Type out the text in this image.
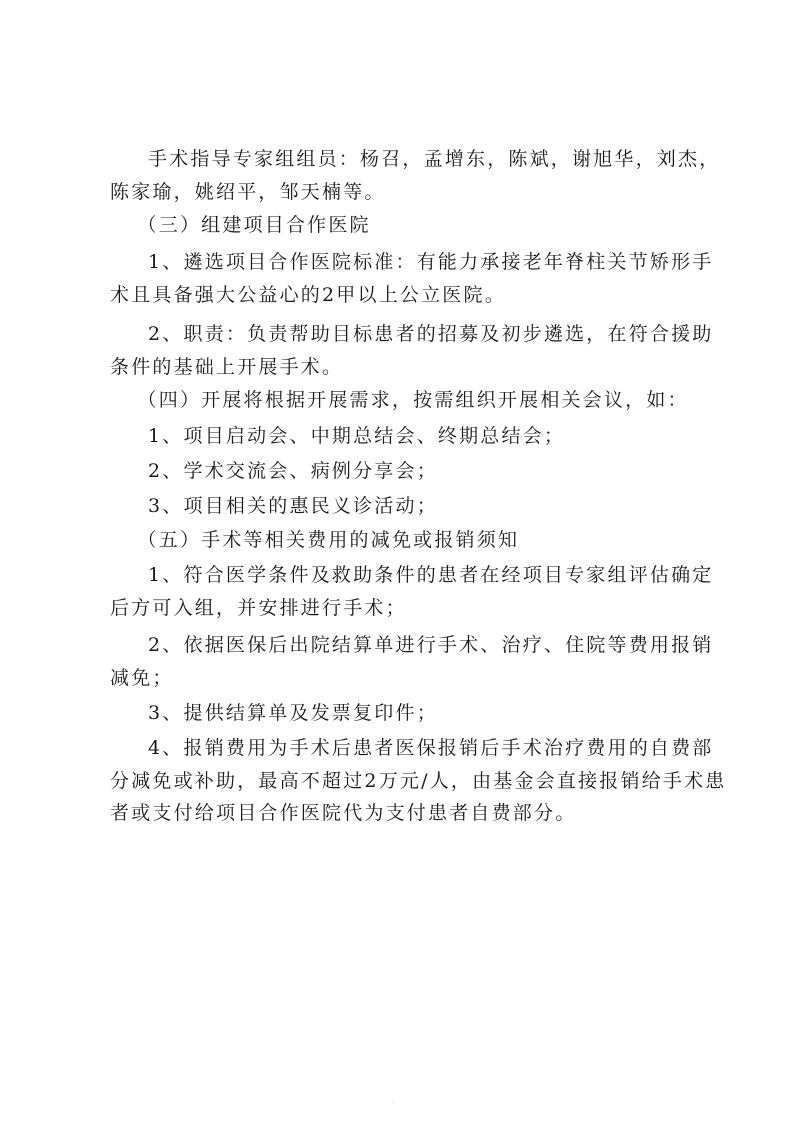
手术指导专家组组员：杨召，孟增东，陈斌，谢旭华，刘杰，
陈家瑜，姚绍平，邹天楠等。

（三）组建项目合作医院

1、遴选项目合作医院标准：有能力承接老年脊柱关节矫形手
术且具备强大公益心的2甲以上公立医院。

2、职责：负责帮助目标患者的招募及初步遴选，在符合援助
条件的基础上开展手术。

（四）开展将根据开展需求，按需组织开展相关会议，如：

1、项目启动会、中期总结会、终期总结会；

2、学术交流会、病例分享会；

3、项目相关的惠民义诊活动；

（五）手术等相关费用的减免或报销须知

1、符合医学条件及救助条件的患者在经项目专家组评估确定
后方可入组，并安排进行手术；

2、依据医保后出院结算单进行手术、治疗、住院等费用报销
减免；

3、提供结算单及发票复印件；

4、报销费用为手术后患者医保报销后手术治疗费用的自费部
分减免或补助，最高不超过2万元/人，由基金会直接报销给手术患
者或支付给项目合作医院代为支付患者自费部分。

·
